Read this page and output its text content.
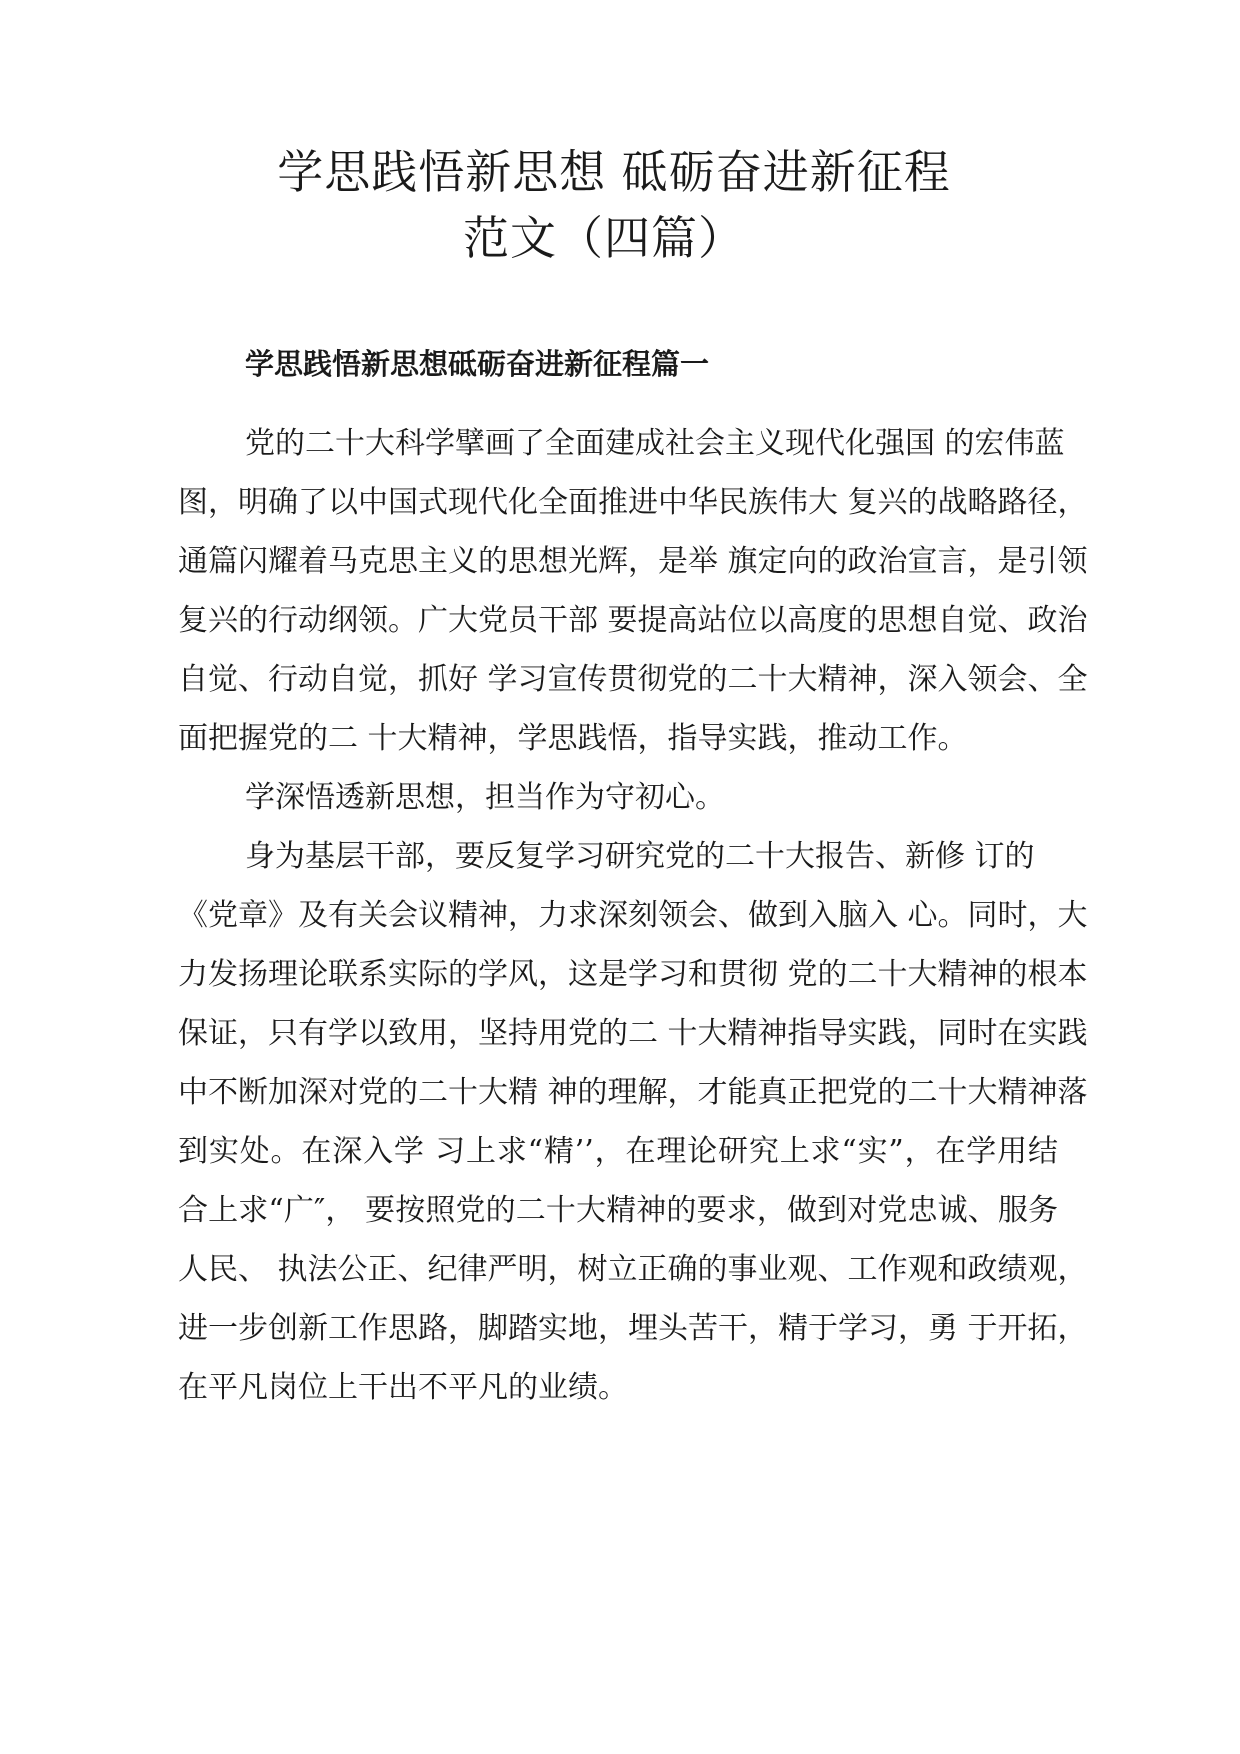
学思践悟新思想 砥砺奋进新征程
范文（四篇）
学思践悟新思想砥砺奋进新征程篇一

党的二十大科学擘画了全面建成社会主义现代化强国 的宏伟蓝

图，明确了以中国式现代化全面推进中华民族伟大 复兴的战略路径，

通篇闪耀着马克思主义的思想光辉，是举 旗定向的政治宣言，是引领

复兴的行动纲领。广大党员干部 要提高站位以高度的思想自觉、政治

自觉、行动自觉，抓好 学习宣传贯彻党的二十大精神，深入领会、全

面把握党的二 十大精神，学思践悟，指导实践，推动工作。

学深悟透新思想，担当作为守初心。

身为基层干部，要反复学习研究党的二十大报告、新修 订的

《党章》及有关会议精神，力求深刻领会、做到入脑入 心。同时，大

力发扬理论联系实际的学风，这是学习和贯彻 党的二十大精神的根本

保证，只有学以致用，坚持用党的二 十大精神指导实践，同时在实践

中不断加深对党的二十大精 神的理解，才能真正把党的二十大精神落

到实处。在深入学 习上求“精’’，在理论研究上求“实”，在学用结

合上求“广″， 要按照党的二十大精神的要求，做到对党忠诚、服务

人民、 执法公正、纪律严明，树立正确的事业观、工作观和政绩观，

进一步创新工作思路，脚踏实地，埋头苦干，精于学习，勇 于开拓，

在平凡岗位上干出不平凡的业绩。
